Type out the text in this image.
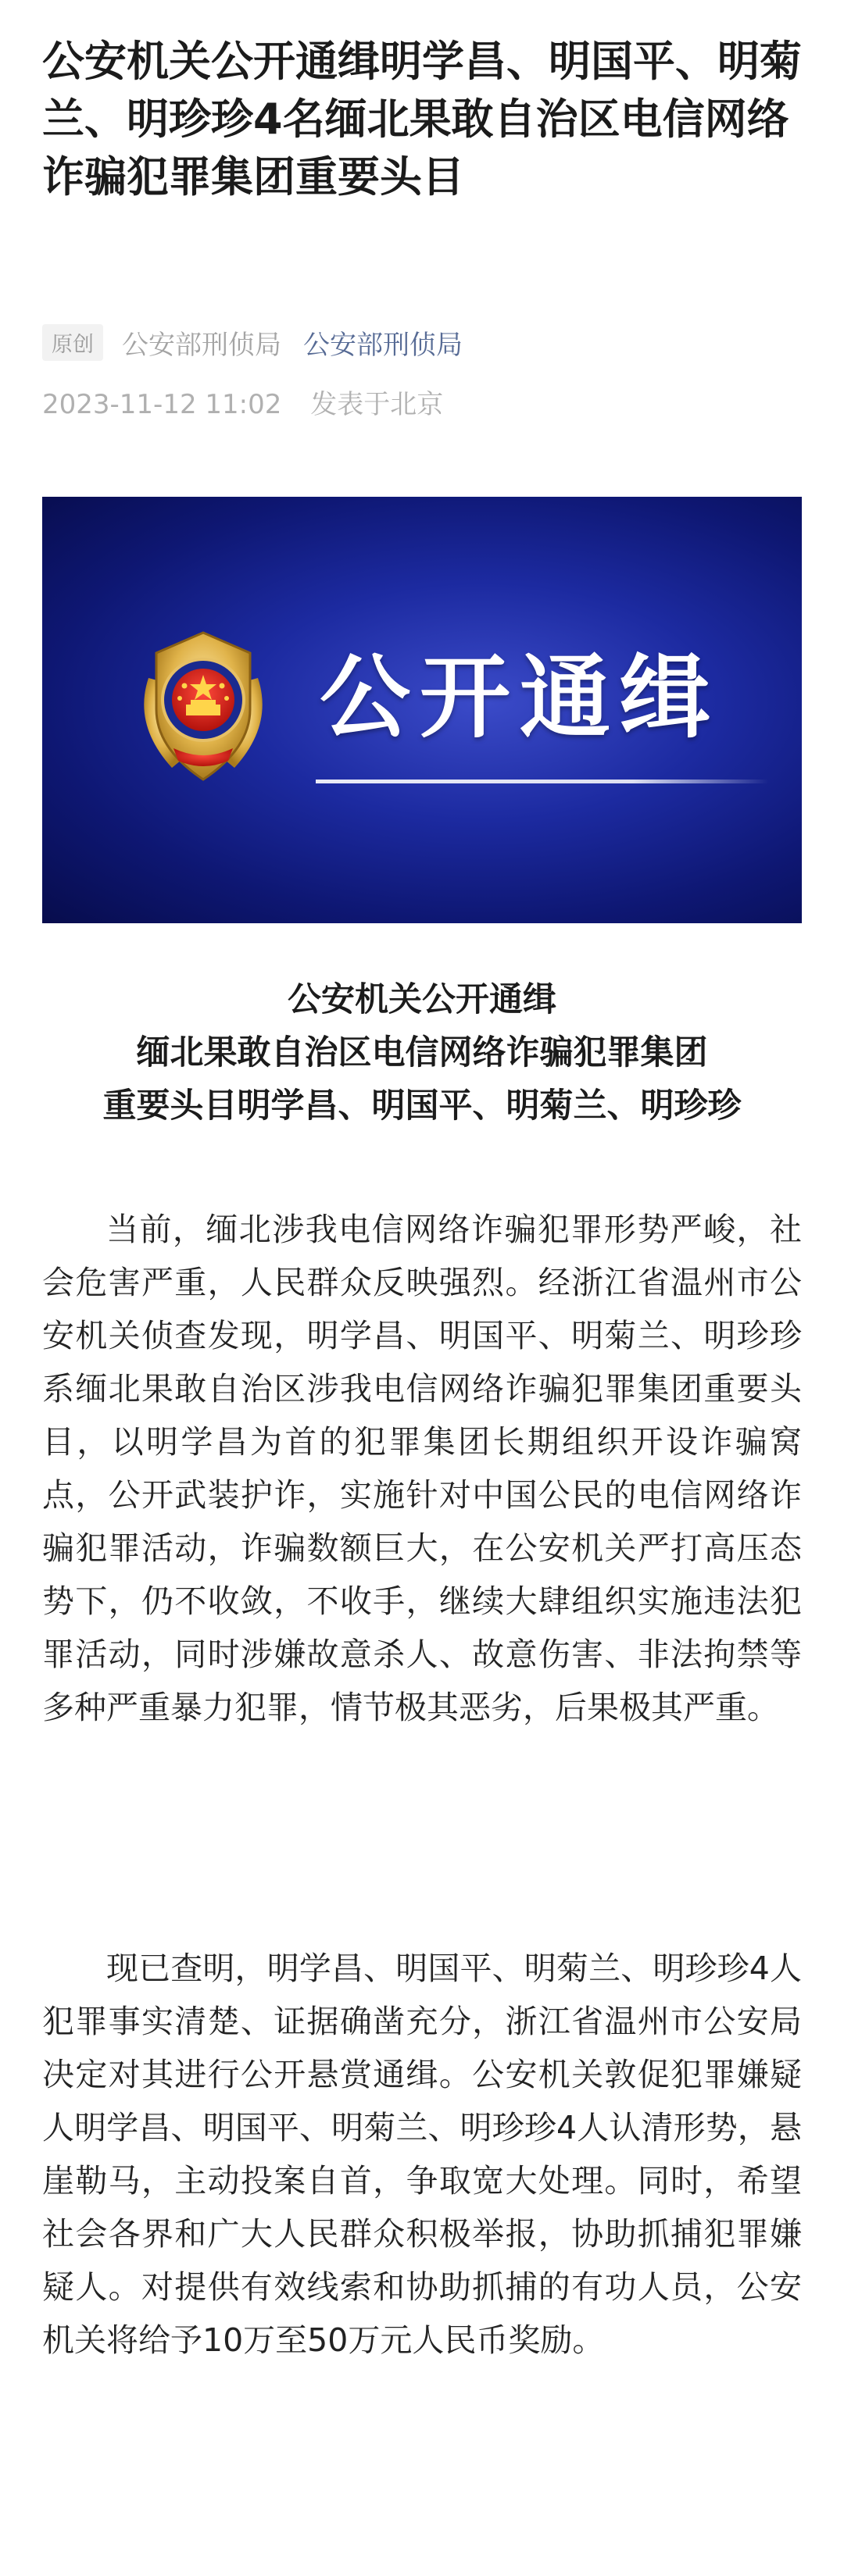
公安机关公开通缉明学昌、明国平、明菊兰、明珍珍4名缅北果敢自治区电信网络诈骗犯罪集团重要头目
原创	公安部刑侦局 公安部刑侦局
2023-11-12 11:02 发表于北京
公开通缉
公安机关公开通缉
缅北果敢自治区电信网络诈骗犯罪集团
重要头目明学昌、明国平、明菊兰、明珍珍

当前，缅北涉我电信网络诈骗犯罪形势严峻，社会危害严重，人民群众反映强烈。经浙江省温州市公安机关侦查发现，明学昌、明国平、明菊兰、明珍珍系缅北果敢自治区涉我电信网络诈骗犯罪集团重要头目，以明学昌为首的犯罪集团长期组织开设诈骗窝点，公开武装护诈，实施针对中国公民的电信网络诈骗犯罪活动，诈骗数额巨大，在公安机关严打高压态势下，仍不收敛，不收手，继续大肆组织实施违法犯罪活动，同时涉嫌故意杀人、故意伤害、非法拘禁等多种严重暴力犯罪，情节极其恶劣，后果极其严重。

现已查明，明学昌、明国平、明菊兰、明珍珍4人犯罪事实清楚、证据确凿充分，浙江省温州市公安局决定对其进行公开悬赏通缉。公安机关敦促犯罪嫌疑人明学昌、明国平、明菊兰、明珍珍4人认清形势，悬崖勒马，主动投案自首，争取宽大处理。同时，希望社会各界和广大人民群众积极举报，协助抓捕犯罪嫌疑人。对提供有效线索和协助抓捕的有功人员，公安机关将给予10万至50万元人民币奖励。
